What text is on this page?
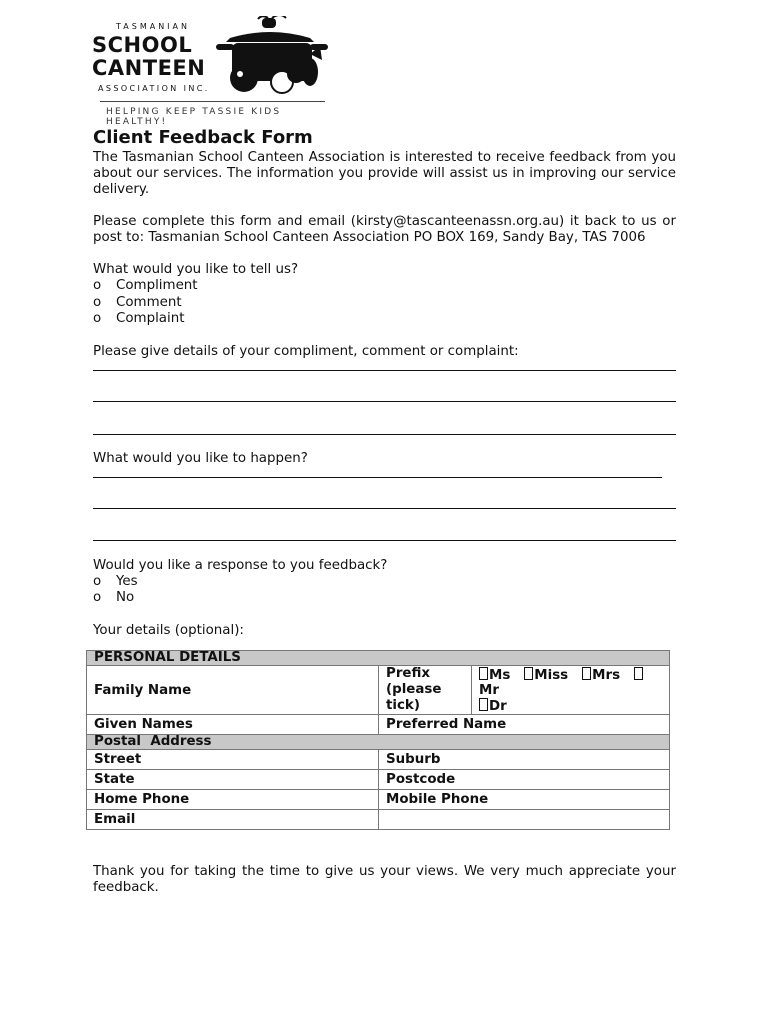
TASMANIAN
SCHOOL
CANTEEN
ASSOCIATION INC.
HELPING KEEP TASSIE KIDS HEALTHY!
Client Feedback Form

The Tasmanian School Canteen Association is interested to receive feedback from you about our services. The information you provide will assist us in improving our service delivery.

Please complete this form and email (kirsty@tascanteenassn.org.au) it back to us or post to: Tasmanian School Canteen Association PO BOX 169, Sandy Bay, TAS 7006

What would you like to tell us?
o Compliment
o Comment
o Complaint
Please give details of your compliment, comment or complaint:
What would you like to happen?
Would you like a response to you feedback?
o Yes
o No
Your details (optional):
PERSONAL DETAILS		
Family Name	Prefix (please tick)	Ms Miss Mrs   Mr
Dr
Given Names	Preferred Name	
Postal  Address		
Street	Suburb	
State	Postcode	
Home Phone	Mobile Phone	
Email		

Thank you for taking the time to give us your views. We very much appreciate your feedback.
